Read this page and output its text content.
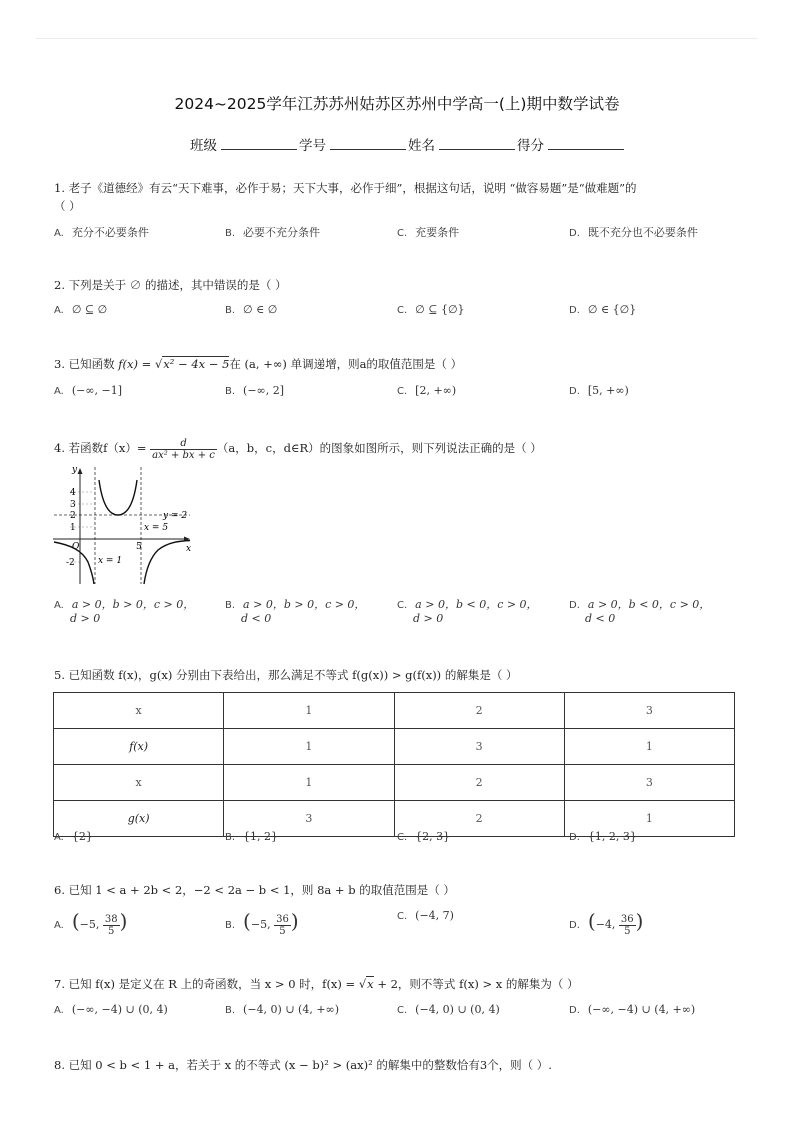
2024~2025学年江苏苏州姑苏区苏州中学高一(上)期中数学试卷
班级	学号	姓名	得分
1. 老子《道德经》有云“天下难事，必作于易；天下大事，必作于细”，根据这句话，说明 “做容易题”是“做难题”的
（ ）
A. 充分不必要条件	B. 必要不充分条件	C. 充要条件	D. 既不充分也不必要条件
2. 下列是关于 ∅ 的描述，其中错误的是（ ）
A. ∅ ⊆ ∅	B. ∅ ∈ ∅	C. ∅ ⊆ {∅}	D. ∅ ∈ {∅}
3. 已知函数 f(x) = √x² − 4x − 5在 (a, +∞) 单调递增，则a的取值范围是（ ）
A. (−∞, −1]	B. (−∞, 2]	C. [2, +∞)	D. [5, +∞)
4. 若函数$f(x)= \frac{d}{\text{ax² + bx + c}} (a$，b，c，d∈R）的图象如图所示，则下列说法正确的是（ ）
y
x
O
4
3
2
1
-2
5
y = 2
x = 5
x = 1
A. a > 0，b > 0，c > 0，
d > 0
B. a > 0，b > 0，c > 0，
d < 0
C. a > 0，b < 0，c > 0，
d > 0
D. a > 0，b < 0，c > 0，
d < 0
5. 已知函数 f(x)，g(x) 分别由下表给出，那么满足不等式 f(g(x)) > g(f(x)) 的解集是（ ）
x	1	2	3
f(x)	1	3	1
x	1	2	3
g(x)	3	2	1
A. {2}	B. {1, 2}	C. {2, 3}	D. {1, 2, 3}
6. 已知 1 < a + 2b < 2，−2 < 2a − b < 1，则 8a + b 的取值范围是（ ）
A. (−5, $\frac{38}{5}$ )	B. (−5, $\frac{36}{5}$ )	C. (−4, 7)
D. (−4, $\frac{36}{5}$ )
7. 已知 f(x) 是定义在 R 上的奇函数，当 x > 0 时，f(x) = √x + 2，则不等式 f(x) > x 的解集为（ ）
A. (−∞, −4) ∪ (0, 4)	B. (−4, 0) ∪ (4, +∞)	C. (−4, 0) ∪ (0, 4)	D. (−∞, −4) ∪ (4, +∞)
8. 已知 0 < b < 1 + a，若关于 x 的不等式 (x − b)² > (ax)² 的解集中的整数恰有3个，则（ ）.
